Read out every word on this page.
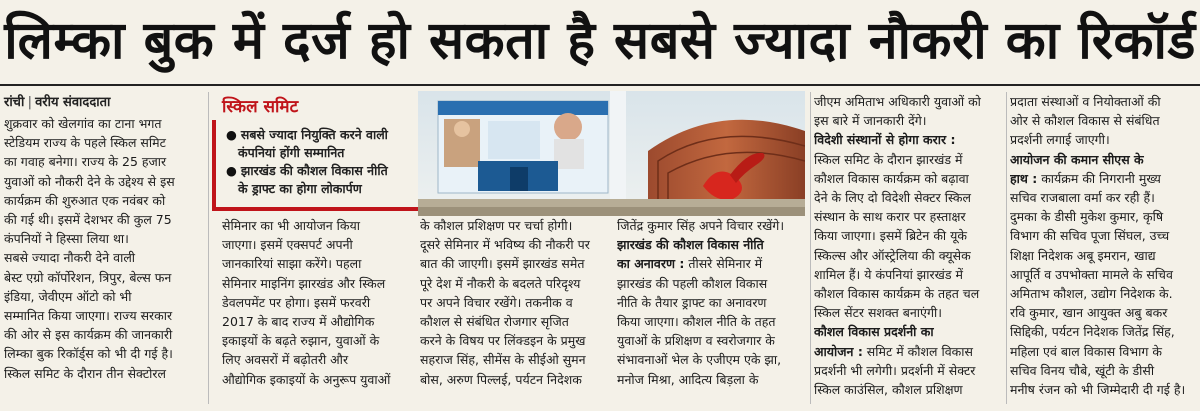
लिम्का बुक में दर्ज हो सकता है सबसे ज्यादा नौकरी का रिकॉर्ड
रांची | वरीय संवाददाता
शुक्रवार को खेलगांव का टाना भगत
स्टेडियम राज्य के पहले स्किल समिट
का गवाह बनेगा। राज्य के 25 हजार
युवाओं को नौकरी देने के उद्देश्य से इस
कार्यक्रम की शुरुआत एक नवंबर को
की गई थी। इसमें देशभर की कुल 75
कंपनियों ने हिस्सा लिया था।
सबसे ज्यादा नौकरी देने वाली
बेस्ट एग्रो कॉर्पोरेशन, त्रिपुर, बेल्स फन
इंडिया, जेवीएम ऑटो को भी
सम्मानित किया जाएगा। राज्य सरकार
की ओर से इस कार्यक्रम की जानकारी
लिम्का बुक रिकॉर्ड्स को भी दी गई है।
स्किल समिट के दौरान तीन सेक्टोरल
स्किल समिट
● सबसे ज्यादा नियुक्ति करने वाली
कंपनियां होंगी सम्मानित
● झारखंड की कौशल विकास नीति
के ड्राफ्ट का होगा लोकार्पण
सेमिनार का भी आयोजन किया
जाएगा। इसमें एक्सपर्ट अपनी
जानकारियां साझा करेंगे। पहला
सेमिनार माइनिंग झारखंड और स्किल
डेवलपमेंट पर होगा। इसमें फरवरी
2017 के बाद राज्य में औद्योगिक
इकाइयों के बढ़ते रुझान, युवाओं के
लिए अवसरों में बढ़ोतरी और
औद्योगिक इकाइयों के अनुरूप युवाओं
के कौशल प्रशिक्षण पर चर्चा होगी।
दूसरे सेमिनार में भविष्य की नौकरी पर
बात की जाएगी। इसमें झारखंड समेत
पूरे देश में नौकरी के बदलते परिदृश्य
पर अपने विचार रखेंगे। तकनीक व
कौशल से संबंधित रोजगार सृजित
करने के विषय पर लिंक्डइन के प्रमुख
सहराज सिंह, सीमेंस के सीईओ सुमन
बोस, अरुण पिल्लई, पर्यटन निदेशक
जितेंद्र कुमार सिंह अपने विचार रखेंगे।
झारखंड की कौशल विकास नीति
का अनावरण : तीसरे सेमिनार में
झारखंड की पहली कौशल विकास
नीति के तैयार ड्राफ्ट का अनावरण
किया जाएगा। कौशल नीति के तहत
युवाओं के प्रशिक्षण व स्वरोजगार के
संभावनाओं भेल के एजीएम एके झा,
मनोज मिश्रा, आदित्य बिड़ला के
जीएम अमिताभ अधिकारी युवाओं को
इस बारे में जानकारी देंगे।
विदेशी संस्थानों से होगा करार :
स्किल समिट के दौरान झारखंड में
कौशल विकास कार्यक्रम को बढ़ावा
देने के लिए दो विदेशी सेक्टर स्किल
संस्थान के साथ करार पर हस्ताक्षर
किया जाएगा। इसमें ब्रिटेन की यूके
स्किल्स और ऑस्ट्रेलिया की क्यूसेक
शामिल हैं। ये कंपनियां झारखंड में
कौशल विकास कार्यक्रम के तहत चल
स्किल सेंटर सशक्त बनाएंगी।
कौशल विकास प्रदर्शनी का
आयोजन : समिट में कौशल विकास
प्रदर्शनी भी लगेगी। प्रदर्शनी में सेक्टर
स्किल काउंसिल, कौशल प्रशिक्षण
प्रदाता संस्थाओं व नियोक्ताओं की
ओर से कौशल विकास से संबंधित
प्रदर्शनी लगाई जाएगी।
आयोजन की कमान सीएस के
हाथ : कार्यक्रम की निगरानी मुख्य
सचिव राजबाला वर्मा कर रही हैं।
दुमका के डीसी मुकेश कुमार, कृषि
विभाग की सचिव पूजा सिंघल, उच्च
शिक्षा निदेशक अबू इमरान, खाद्य
आपूर्ति व उपभोक्ता मामले के सचिव
अमिताभ कौशल, उद्योग निदेशक के.
रवि कुमार, खान आयुक्त अबु बकर
सिद्दिकी, पर्यटन निदेशक जितेंद्र सिंह,
महिला एवं बाल विकास विभाग के
सचिव विनय चौबे, खूंटी के डीसी
मनीष रंजन को भी जिम्मेदारी दी गई है।
